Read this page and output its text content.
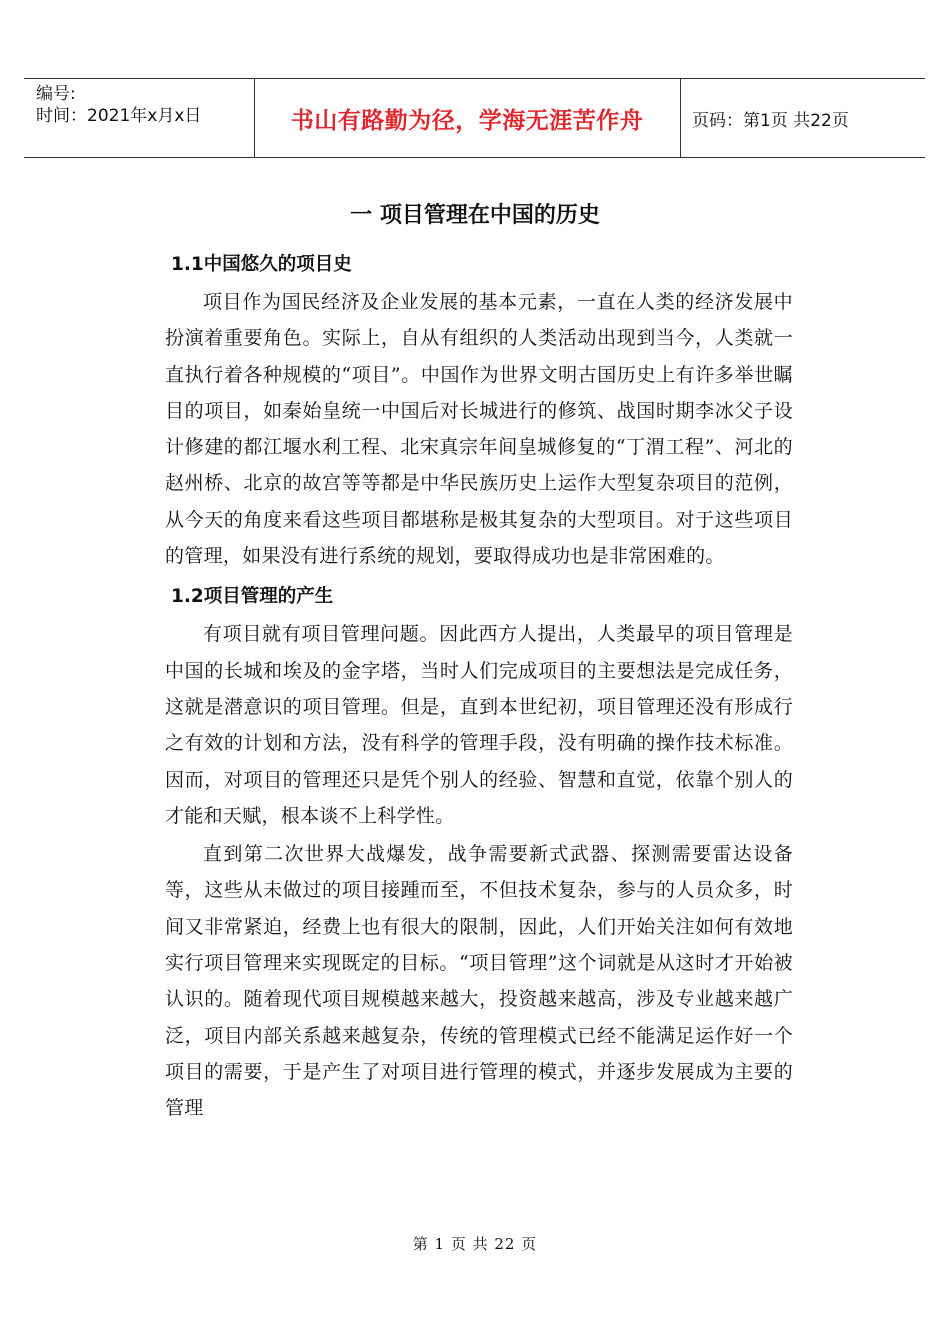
编号:
时间：2021年x月x日	书山有路勤为径，学海无涯苦作舟	页码：第1页 共22页
一 项目管理在中国的历史
1.1中国悠久的项目史

项目作为国民经济及企业发展的基本元素，一直在人类的经济发展中扮演着重要角色。实际上，自从有组织的人类活动出现到当今，人类就一直执行着各种规模的“项目”。中国作为世界文明古国历史上有许多举世瞩目的项目，如秦始皇统一中国后对长城进行的修筑、战国时期李冰父子设计修建的都江堰水利工程、北宋真宗年间皇城修复的“丁渭工程”、河北的赵州桥、北京的故宫等等都是中华民族历史上运作大型复杂项目的范例，从今天的角度来看这些项目都堪称是极其复杂的大型项目。对于这些项目的管理，如果没有进行系统的规划，要取得成功也是非常困难的。

1.2项目管理的产生

有项目就有项目管理问题。因此西方人提出，人类最早的项目管理是中国的长城和埃及的金字塔，当时人们完成项目的主要想法是完成任务，这就是潜意识的项目管理。但是，直到本世纪初，项目管理还没有形成行之有效的计划和方法，没有科学的管理手段，没有明确的操作技术标准。因而，对项目的管理还只是凭个别人的经验、智慧和直觉，依靠个别人的才能和天赋，根本谈不上科学性。

直到第二次世界大战爆发，战争需要新式武器、探测需要雷达设备等，这些从未做过的项目接踵而至，不但技术复杂，参与的人员众多，时间又非常紧迫，经费上也有很大的限制，因此，人们开始关注如何有效地实行项目管理来实现既定的目标。“项目管理”这个词就是从这时才开始被认识的。随着现代项目规模越来越大，投资越来越高，涉及专业越来越广泛，项目内部关系越来越复杂，传统的管理模式已经不能满足运作好一个项目的需要，于是产生了对项目进行管理的模式，并逐步发展成为主要的管理

第 1 页 共 22 页
